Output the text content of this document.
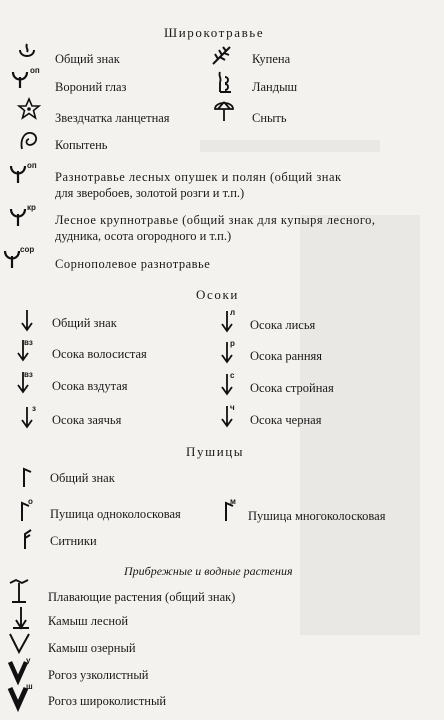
Широкотравье
Общий знак
оп
Вороний глаз
Звездчатка ланцетная
Копытень
Купена
Ландыш
Сныть
оп
Разнотравье лесных опушек и полян (общий знак
для зверобоев, золотой розги и т.п.)
кр
Лесное крупнотравье (общий знак для купыря лесного,
дудника, осота огородного и т.п.)
сор
Сорнополевое разнотравье
Осоки
Общий знак
вз
Осока волосистая
вз
Осока вздутая
з
Осока заячья
л
Осока лисья
р
Осока ранняя
с
Осока стройная
ч
Осока черная
Пушицы
Общий знак
о
Пушица одноколосковая
м
Пушица многоколосковая
Ситники
Прибрежные и водные растения
Плавающие растения (общий знак)
Камыш лесной
Камыш озерный
у
Рогоз узколистный
ш
Рогоз широколистный
